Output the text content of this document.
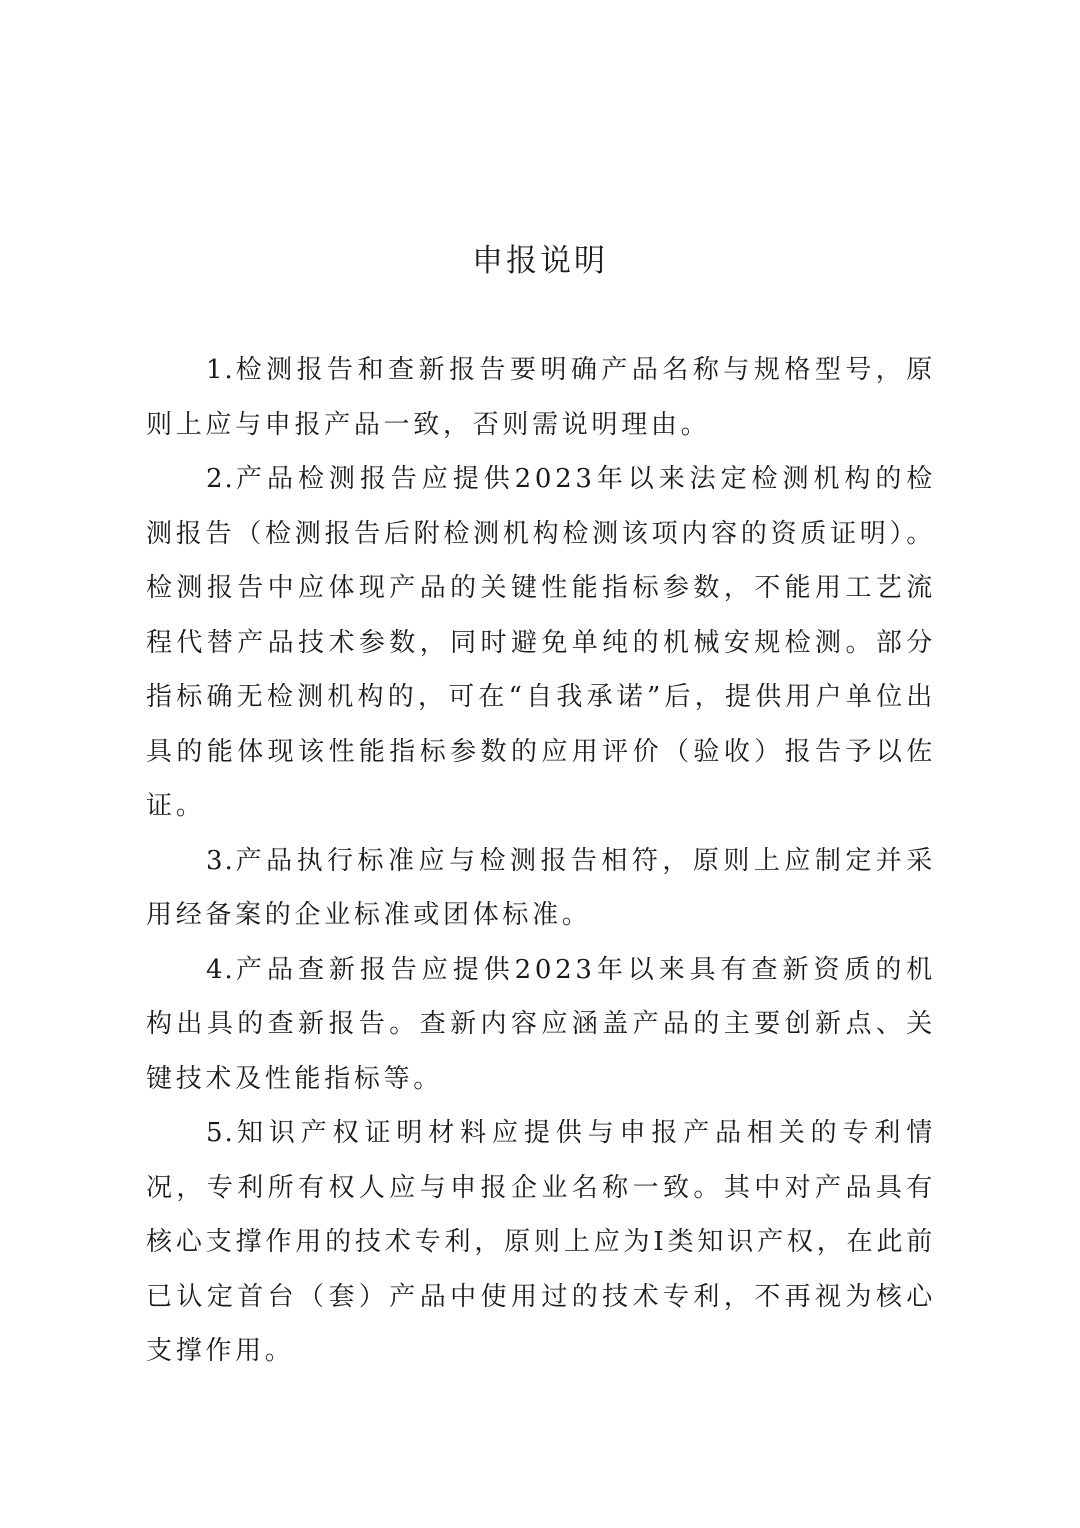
申报说明

1.检测报告和查新报告要明确产品名称与规格型号，原则上应与申报产品一致，否则需说明理由。

2.产品检测报告应提供2023年以来法定检测机构的检测报告（检测报告后附检测机构检测该项内容的资质证明）。检测报告中应体现产品的关键性能指标参数，不能用工艺流程代替产品技术参数，同时避免单纯的机械安规检测。部分指标确无检测机构的，可在“自我承诺”后，提供用户单位出具的能体现该性能指标参数的应用评价（验收）报告予以佐证。

3.产品执行标准应与检测报告相符，原则上应制定并采用经备案的企业标准或团体标准。

4.产品查新报告应提供2023年以来具有查新资质的机构出具的查新报告。查新内容应涵盖产品的主要创新点、关键技术及性能指标等。

5.知识产权证明材料应提供与申报产品相关的专利情况，专利所有权人应与申报企业名称一致。其中对产品具有核心支撑作用的技术专利，原则上应为I类知识产权，在此前已认定首台（套）产品中使用过的技术专利，不再视为核心支撑作用。
